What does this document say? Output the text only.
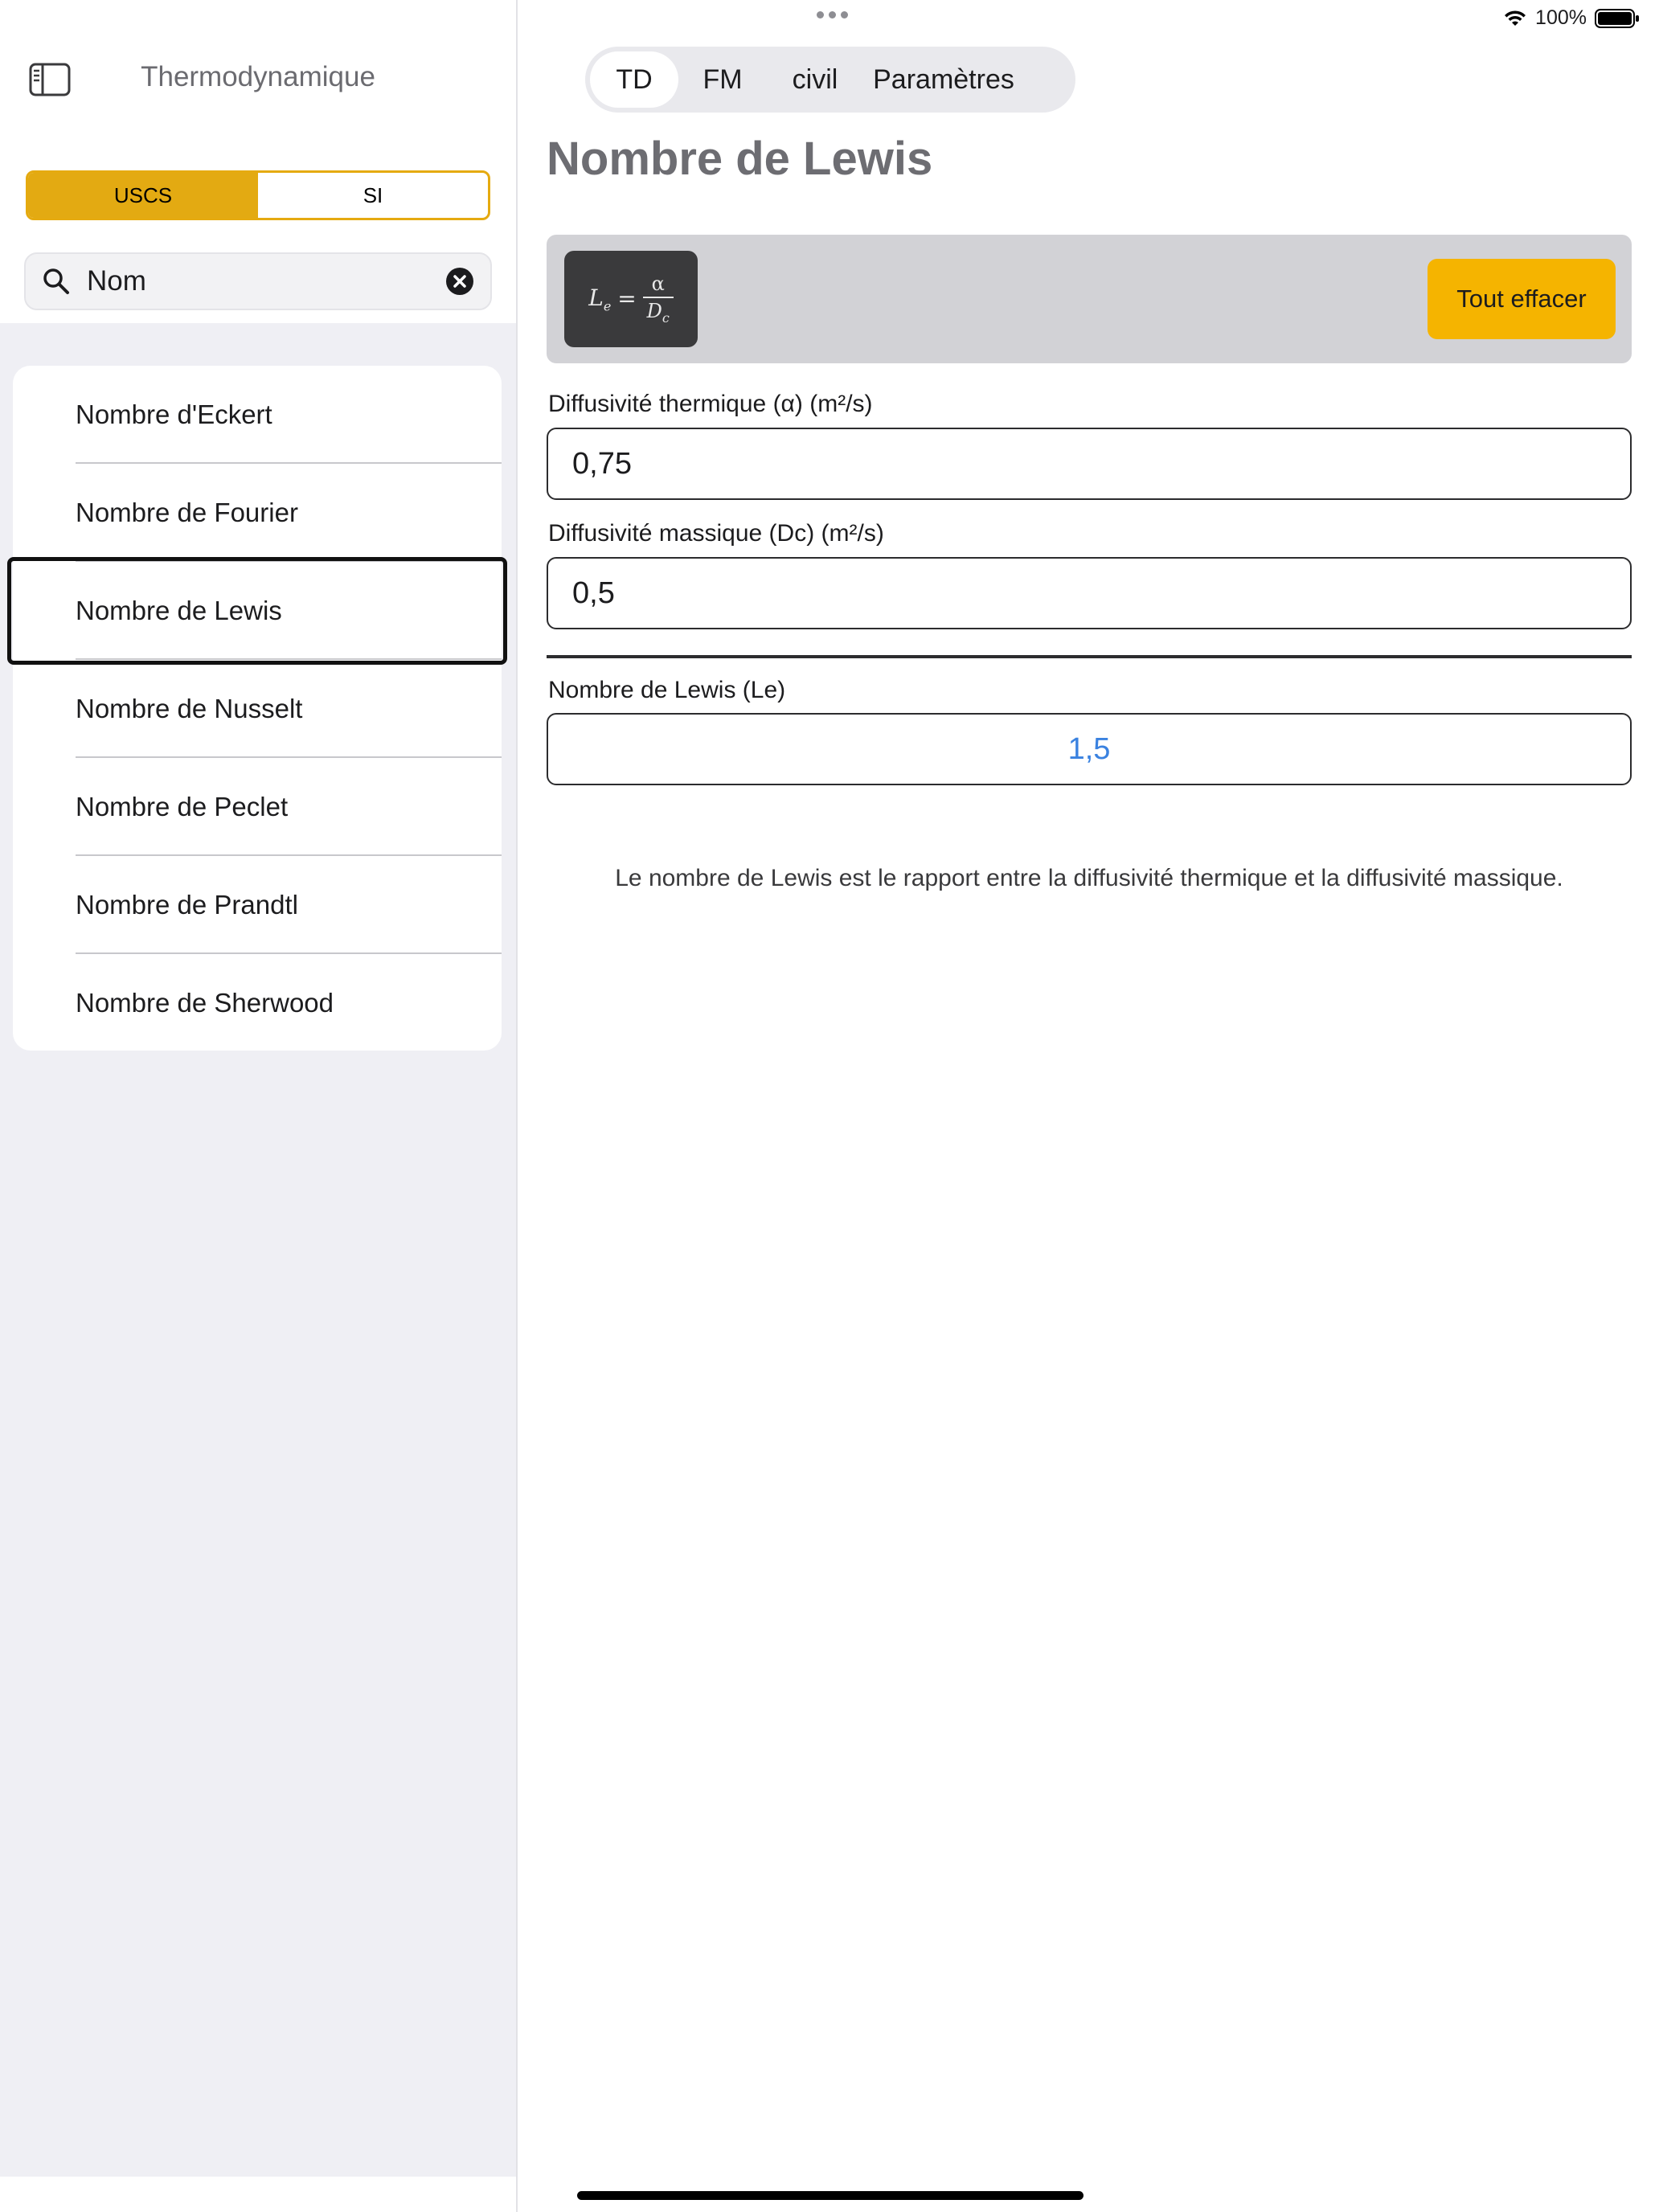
100%
Thermodynamique
USCS	SI
Nom
Nombre d'Eckert
Nombre de Fourier
Nombre de Lewis
Nombre de Nusselt
Nombre de Peclet
Nombre de Prandtl
Nombre de Sherwood
TD	FM	civil	Paramètres
Nombre de Lewis
$L_e = \frac{\alpha}{D_c}$	Tout effacer
Diffusivité thermique (α) (m²/s)
0,75
Diffusivité massique (Dc) (m²/s)
0,5
Nombre de Lewis (Le)
1,5
Le nombre de Lewis est le rapport entre la diffusivité thermique et la diffusivité massique.
